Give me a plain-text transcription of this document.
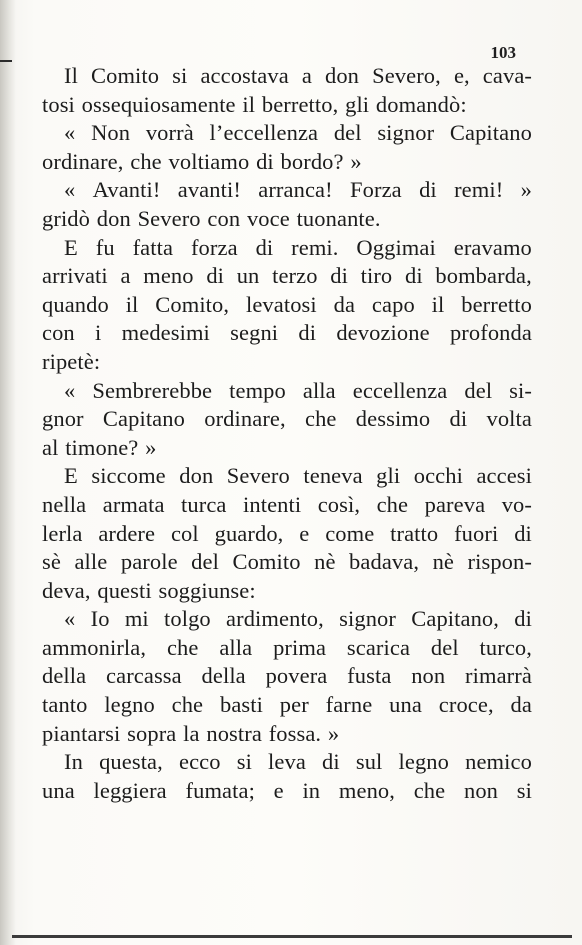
103
Il Comito si accostava a don Severo, e, cava-
tosi ossequiosamente il berretto, gli domandò:
« Non vorrà l’eccellenza del signor Capitano
ordinare, che voltiamo di bordo? »
« Avanti! avanti! arranca! Forza di remi! »
gridò don Severo con voce tuonante.
E fu fatta forza di remi. Oggimai eravamo
arrivati a meno di un terzo di tiro di bombarda,
quando il Comito, levatosi da capo il berretto
con i medesimi segni di devozione profonda
ripetè:
« Sembrerebbe tempo alla eccellenza del si-
gnor Capitano ordinare, che dessimo di volta
al timone? »
E siccome don Severo teneva gli occhi accesi
nella armata turca intenti così, che pareva vo-
lerla ardere col guardo, e come tratto fuori di
sè alle parole del Comito nè badava, nè rispon-
deva, questi soggiunse:
« Io mi tolgo ardimento, signor Capitano, di
ammonirla, che alla prima scarica del turco,
della carcassa della povera fusta non rimarrà
tanto legno che basti per farne una croce, da
piantarsi sopra la nostra fossa. »
In questa, ecco si leva di sul legno nemico
una leggiera fumata; e in meno, che non si
